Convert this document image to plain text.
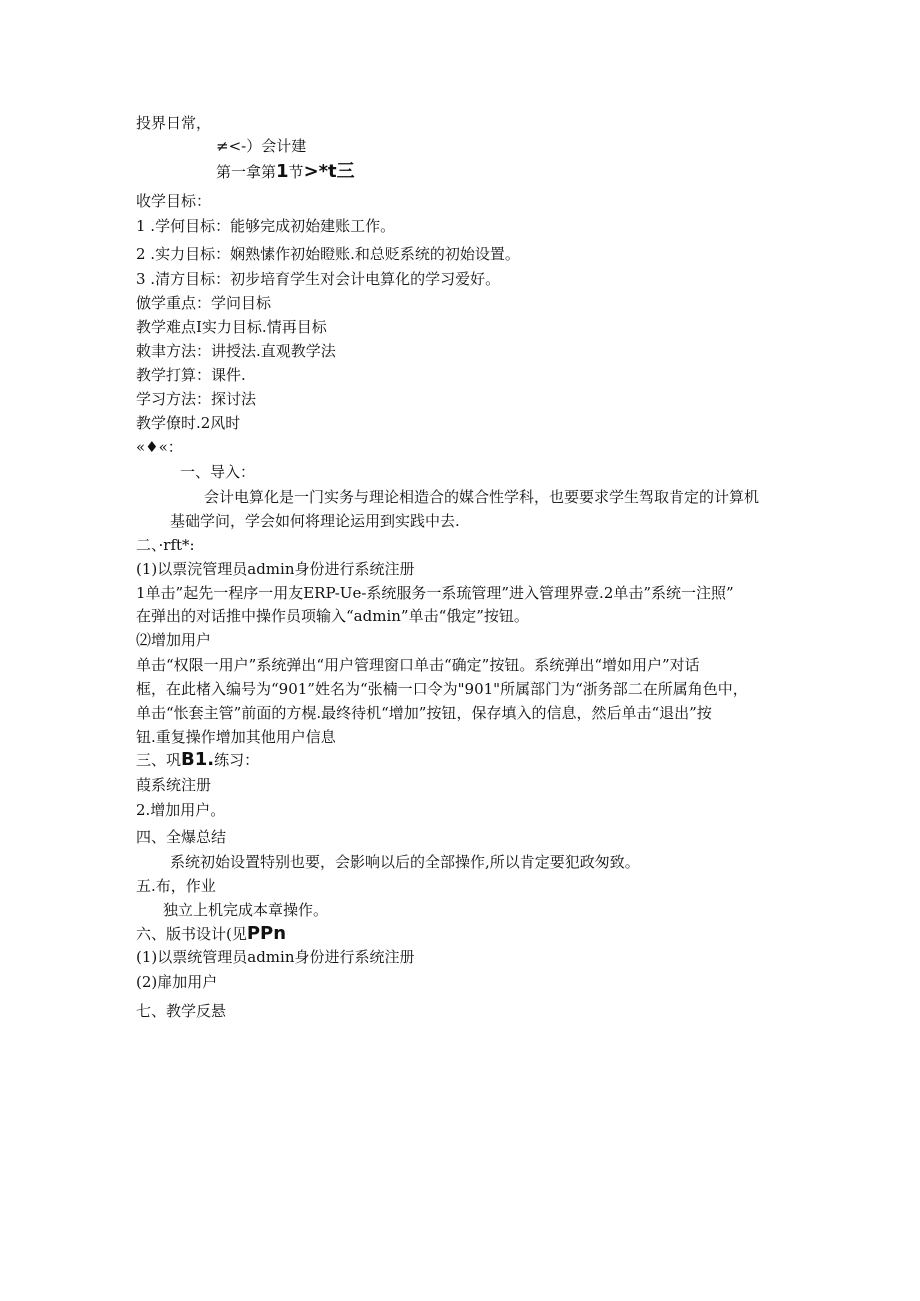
投界日常，
≠<-）会计建
第一拿第1节>*t三
收学目标：
1 .学何目标：能够完成初始建账工作。
2 .实力目标：娴熟愫作初始瞪账.和总贬系统的初始设置。
3 .清方目标：初步培育学生对会计电算化的学习爱好。
倣学重点：学问目标
教学难点I实力目标.情再目标
敕聿方法：讲授法.直观教学法
教学打算：课件.
学习方法：探讨法
教学僚时.2风时
«♦«：
一、导入：
会计电算化是一门实务与理论相造合的媒合性学科，也要要求学生驾取肯定的计算机
基础学问，学会如何将理论运用到实践中去.
二、·rft*:
(1)以票浣管理员admin身份进行系统注册
1单击”起先一程序一用友ERP-Ue-系统服务一系琉管理”进入管理界壹.2单击”系统一注照”
在弹出的对话推中操作员项输入“admin”单击“俄定”按钮。
⑵增加用户
单击“权限一用户”系统弹出“用户管理窗口单击“确定”按钮。系统弹出“增如用户”对话
框，在此楮入编号为“901”姓名为“张楠一口令为"901"所属部门为“浙务部二在所属角色中，
单击“怅套主管”前面的方榥.最终待机“增加”按钮，保存填入的信息，然后单击“退出”按
钮.重复操作增加其他用户信息
三、巩B1.练习：
葭系统注册
2.增加用户。
四、全爆总结
系统初始设置特别也要，会影响以后的全部操作,所以肯定要犯政匆致。
五.布，作业
独立上机完成本章操作。
六、版书设计(见PPn
(1)以票统管理员admin身份进行系统注册
(2)扉加用户
七、教学反悬
